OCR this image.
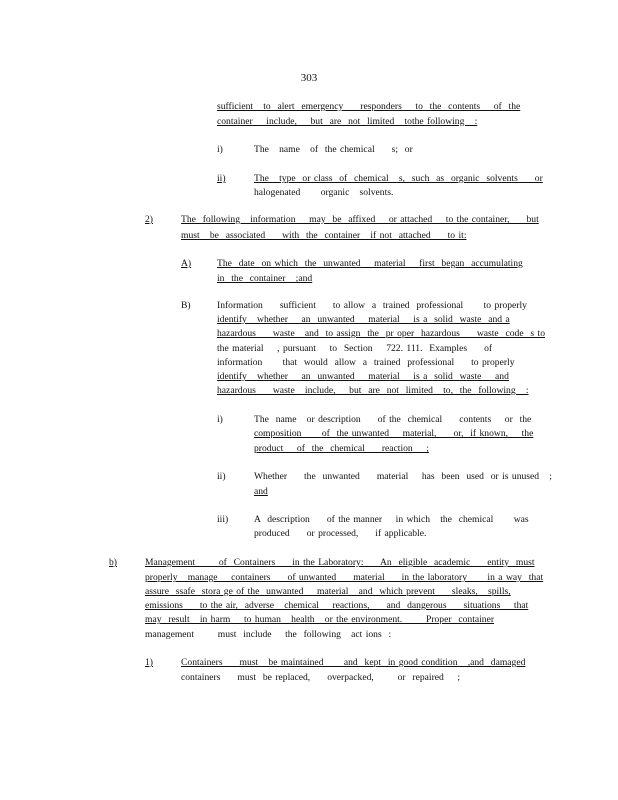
303
sufficient   to  alert  emergency     responders    to  the  contents    of  the
container    include,    but  are  not  limited   tothe following   :
i)	The   name   of  the chemical     s;  or
ii)	The   type  or class  of  chemical   s,  such  as  organic  solvents     or
halogenated      organic   solvents.
2)	The  following   information    may  be  affixed    or attached    to the container,     but
must   be  associated     with  the  container   if not  attached     to it:
A)	The  date  on which  the  unwanted    material    first  began  accumulating
in  the  container   ;and
B)	Information     sufficient     to allow  a  trained  professional      to properly
identify   whether    an  unwanted    material    is a  solid  waste  and a
hazardous     waste   and  to assign  the  pr oper  hazardous     waste  code  s to
the material    , pursuant    to  Section    722. 111.  Examples     of
information      that  would  allow  a  trained  professional     to properly
identify   whether    an  unwanted    material    is a  solid  waste    and
hazardous     waste   include,    but  are  not  limited   to,  the  following   :
i)	The  name   or description     of the  chemical     contents    or  the
composition      of  the unwanted    material,     or,  if known,    the
product    of  the  chemical     reaction    ;
ii)	Whether     the  unwanted     material    has  been  used  or is unused   ;
and
iii)	A  description     of the manner    in which   the  chemical      was
produced     or processed,     if applicable.
b)	Management       of  Containers     in the Laboratory:     An  eligible  academic     entity  must
properly   manage    containers     of unwanted     material     in the laboratory      in a way  that
assure  ssafe  stora ge of the  unwanted    material   and  which prevent     sleaks,   spills,
emissions     to the air,  adverse   chemical    reactions,     and  dangerous     situations    that
may  result   in harm    to human   health   or the environment.       Proper  container
management       must  include    the  following   act ions  :
1)	Containers     must   be maintained      and  kept  in good condition   ,and  damaged
containers     must  be replaced,     overpacked,       or  repaired    ;
